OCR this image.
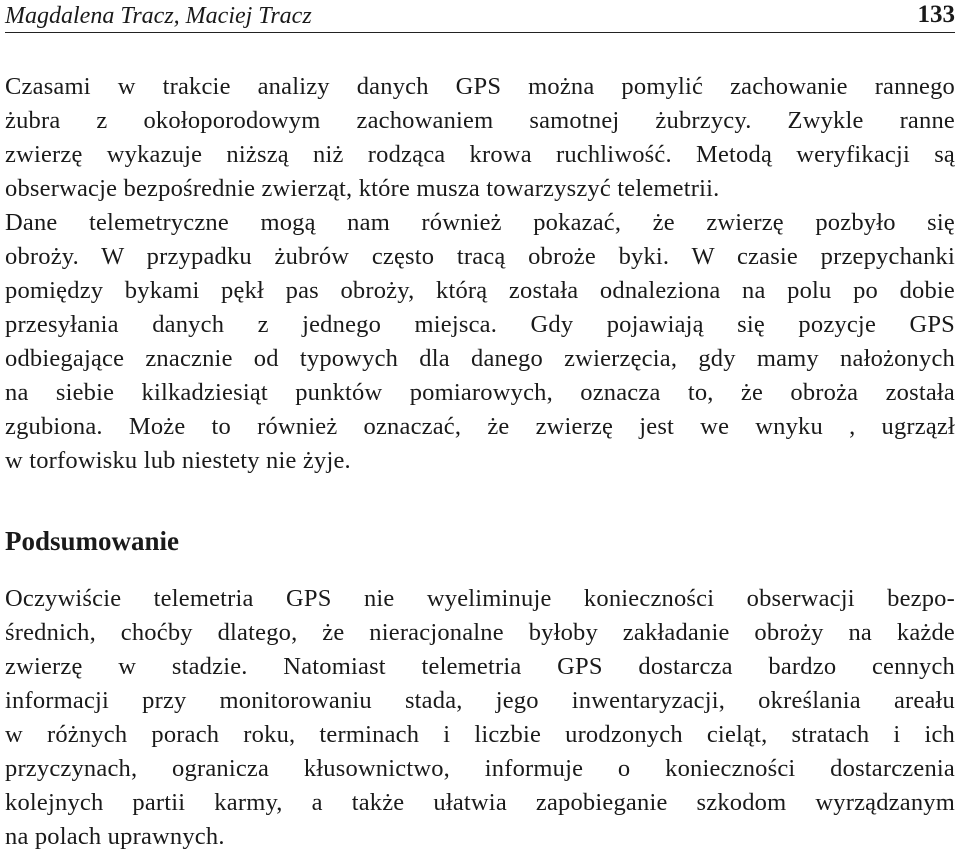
Magdalena Tracz, Maciej Tracz	133
Czasami w trakcie analizy danych GPS można pomylić zachowanie rannego
żubra z okołoporodowym zachowaniem samotnej żubrzycy. Zwykle ranne
zwierzę wykazuje niższą niż rodząca krowa ruchliwość. Metodą weryfikacji są
obserwacje bezpośrednie zwierząt, które musza towarzyszyć telemetrii.
Dane telemetryczne mogą nam również pokazać, że zwierzę pozbyło się
obroży. W przypadku żubrów często tracą obroże byki. W czasie przepychanki
pomiędzy bykami pękł pas obroży, którą została odnaleziona na polu po dobie
przesyłania danych z jednego miejsca. Gdy pojawiają się pozycje GPS
odbiegające znacznie od typowych dla danego zwierzęcia, gdy mamy nałożonych
na siebie kilkadziesiąt punktów pomiarowych, oznacza to, że obroża została
zgubiona. Może to również oznaczać, że zwierzę jest we wnyku , ugrzązł
w torfowisku lub niestety nie żyje.
Podsumowanie
Oczywiście telemetria GPS nie wyeliminuje konieczności obserwacji bezpo-
średnich, choćby dlatego, że nieracjonalne byłoby zakładanie obroży na każde
zwierzę w stadzie. Natomiast telemetria GPS dostarcza bardzo cennych
informacji przy monitorowaniu stada, jego inwentaryzacji, określania areału
w różnych porach roku, terminach i liczbie urodzonych cieląt, stratach i ich
przyczynach, ogranicza kłusownictwo, informuje o konieczności dostarczenia
kolejnych partii karmy, a także ułatwia zapobieganie szkodom wyrządzanym
na polach uprawnych.
